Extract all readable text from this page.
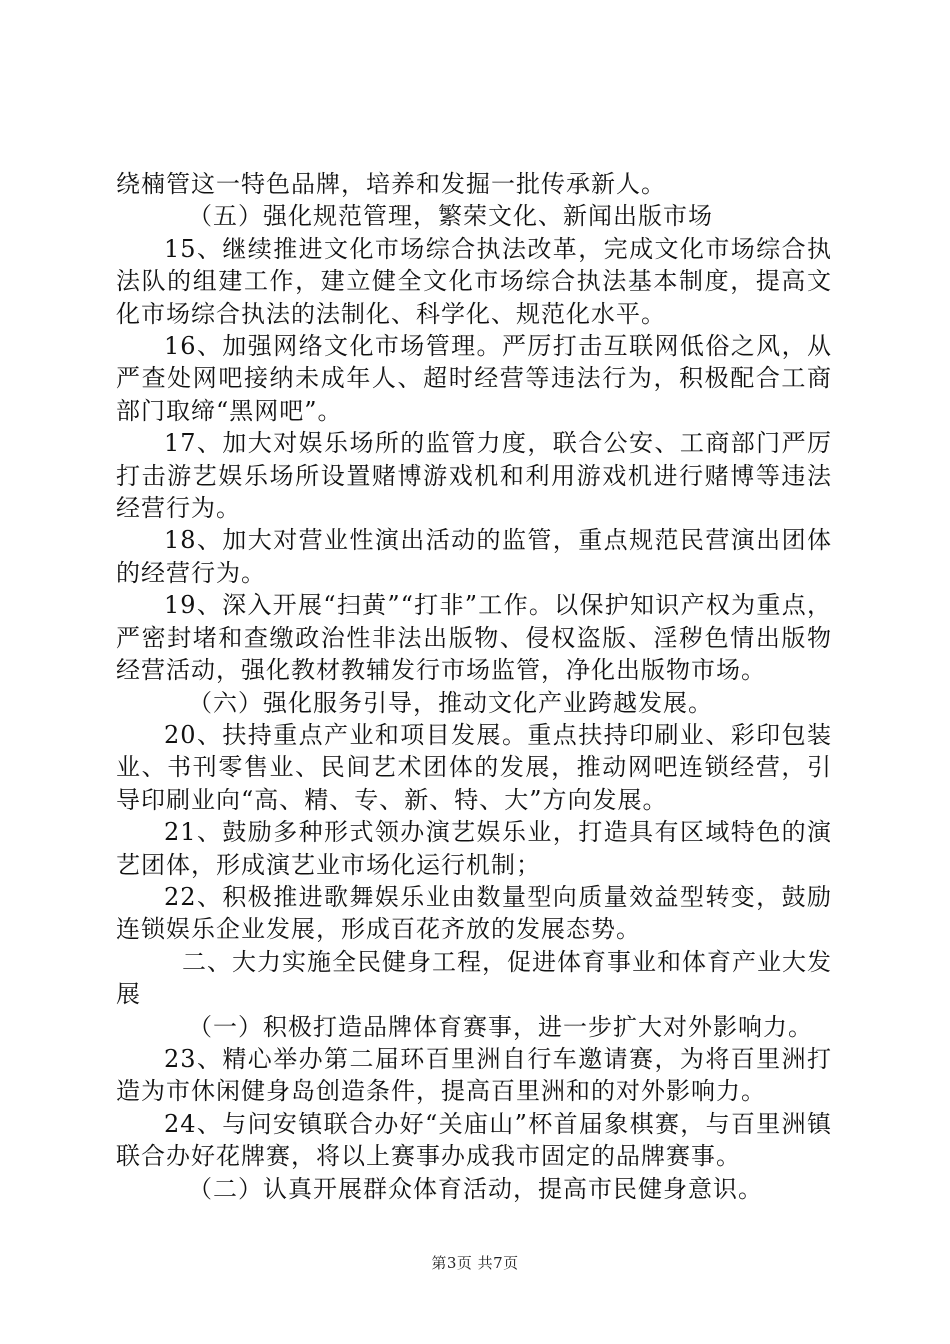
绕楠管这一特色品牌，培养和发掘一批传承新人。

（五）强化规范管理，繁荣文化、新闻出版市场

15、继续推进文化市场综合执法改革，完成文化市场综合执法队的组建工作，建立健全文化市场综合执法基本制度，提高文化市场综合执法的法制化、科学化、规范化水平。

16、加强网络文化市场管理。严厉打击互联网低俗之风，从严查处网吧接纳未成年人、超时经营等违法行为，积极配合工商部门取缔“黑网吧”。

17、加大对娱乐场所的监管力度，联合公安、工商部门严厉打击游艺娱乐场所设置赌博游戏机和利用游戏机进行赌博等违法经营行为。

18、加大对营业性演出活动的监管，重点规范民营演出团体的经营行为。

19、深入开展“扫黄”“打非”工作。以保护知识产权为重点，严密封堵和查缴政治性非法出版物、侵权盗版、淫秽色情出版物经营活动，强化教材教辅发行市场监管，净化出版物市场。

（六）强化服务引导，推动文化产业跨越发展。

20、扶持重点产业和项目发展。重点扶持印刷业、彩印包装业、书刊零售业、民间艺术团体的发展，推动网吧连锁经营，引导印刷业向“高、精、专、新、特、大”方向发展。

21、鼓励多种形式领办演艺娱乐业，打造具有区域特色的演艺团体，形成演艺业市场化运行机制；

22、积极推进歌舞娱乐业由数量型向质量效益型转变，鼓励连锁娱乐企业发展，形成百花齐放的发展态势。

二、大力实施全民健身工程，促进体育事业和体育产业大发展

（一）积极打造品牌体育赛事，进一步扩大对外影响力。

23、精心举办第二届环百里洲自行车邀请赛，为将百里洲打造为市休闲健身岛创造条件，提高百里洲和的对外影响力。

24、与问安镇联合办好“关庙山”杯首届象棋赛，与百里洲镇联合办好花牌赛，将以上赛事办成我市固定的品牌赛事。

（二）认真开展群众体育活动，提高市民健身意识。

第3页 共7页
